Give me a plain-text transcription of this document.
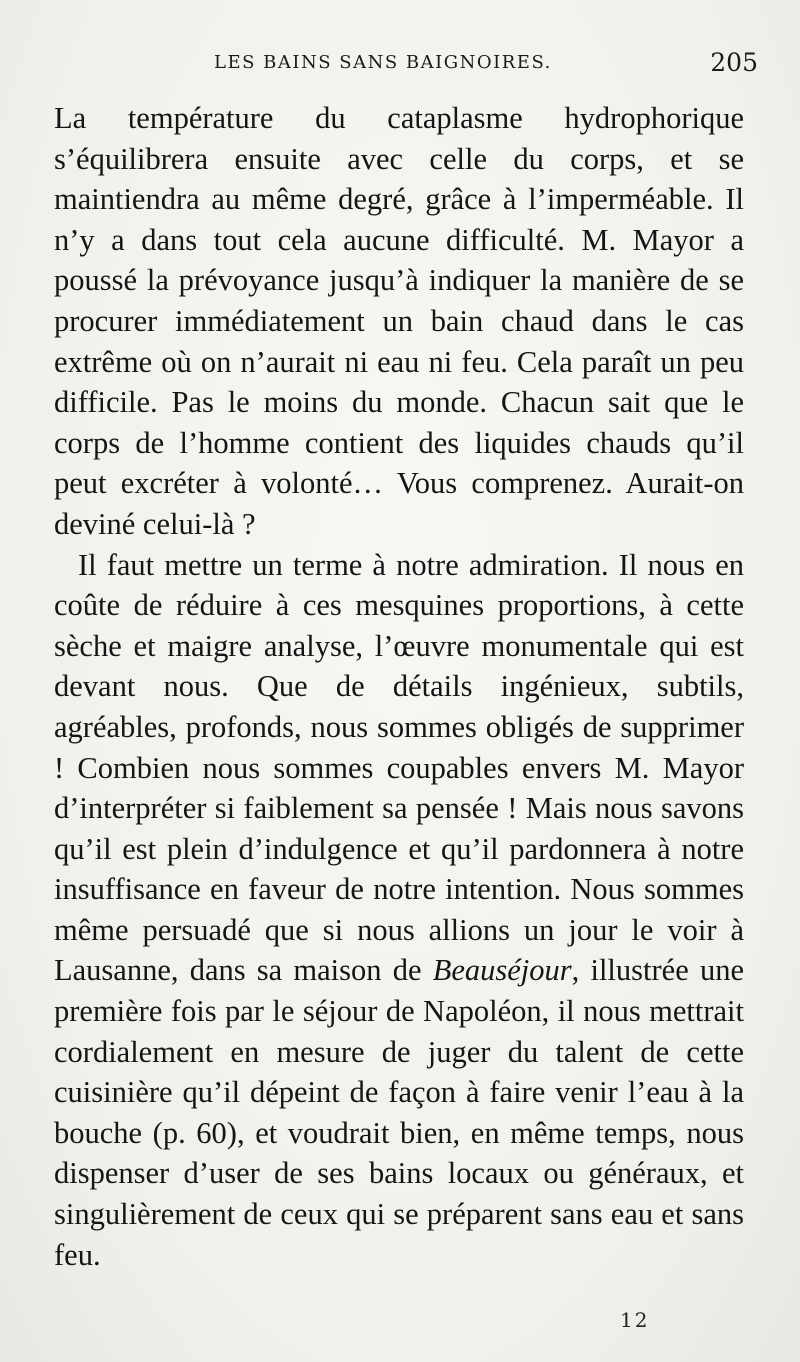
LES BAINS SANS BAIGNOIRES.	205

La température du cataplasme hydrophorique s’équilibrera ensuite avec celle du corps, et se maintiendra au même degré, grâce à l’imperméable. Il n’y a dans tout cela aucune difficulté. M. Mayor a poussé la prévoyance jusqu’à indiquer la manière de se procurer immédiatement un bain chaud dans le cas extrême où on n’aurait ni eau ni feu. Cela paraît un peu difficile. Pas le moins du monde. Chacun sait que le corps de l’homme contient des liquides chauds qu’il peut excréter à volonté… Vous comprenez. Aurait-on deviné celui-là ?

Il faut mettre un terme à notre admiration. Il nous en coûte de réduire à ces mesquines proportions, à cette sèche et maigre analyse, l’œuvre monumentale qui est devant nous. Que de détails ingénieux, subtils, agréables, profonds, nous sommes obligés de supprimer ! Combien nous sommes coupables envers M. Mayor d’interpréter si faiblement sa pensée ! Mais nous savons qu’il est plein d’indulgence et qu’il pardonnera à notre insuffisance en faveur de notre intention. Nous sommes même persuadé que si nous allions un jour le voir à Lausanne, dans sa maison de Beauséjour, illustrée une première fois par le séjour de Napoléon, il nous mettrait cordialement en mesure de juger du talent de cette cuisinière qu’il dépeint de façon à faire venir l’eau à la bouche (p. 60), et voudrait bien, en même temps, nous dispenser d’user de ses bains locaux ou généraux, et singulièrement de ceux qui se préparent sans eau et sans feu.

12
